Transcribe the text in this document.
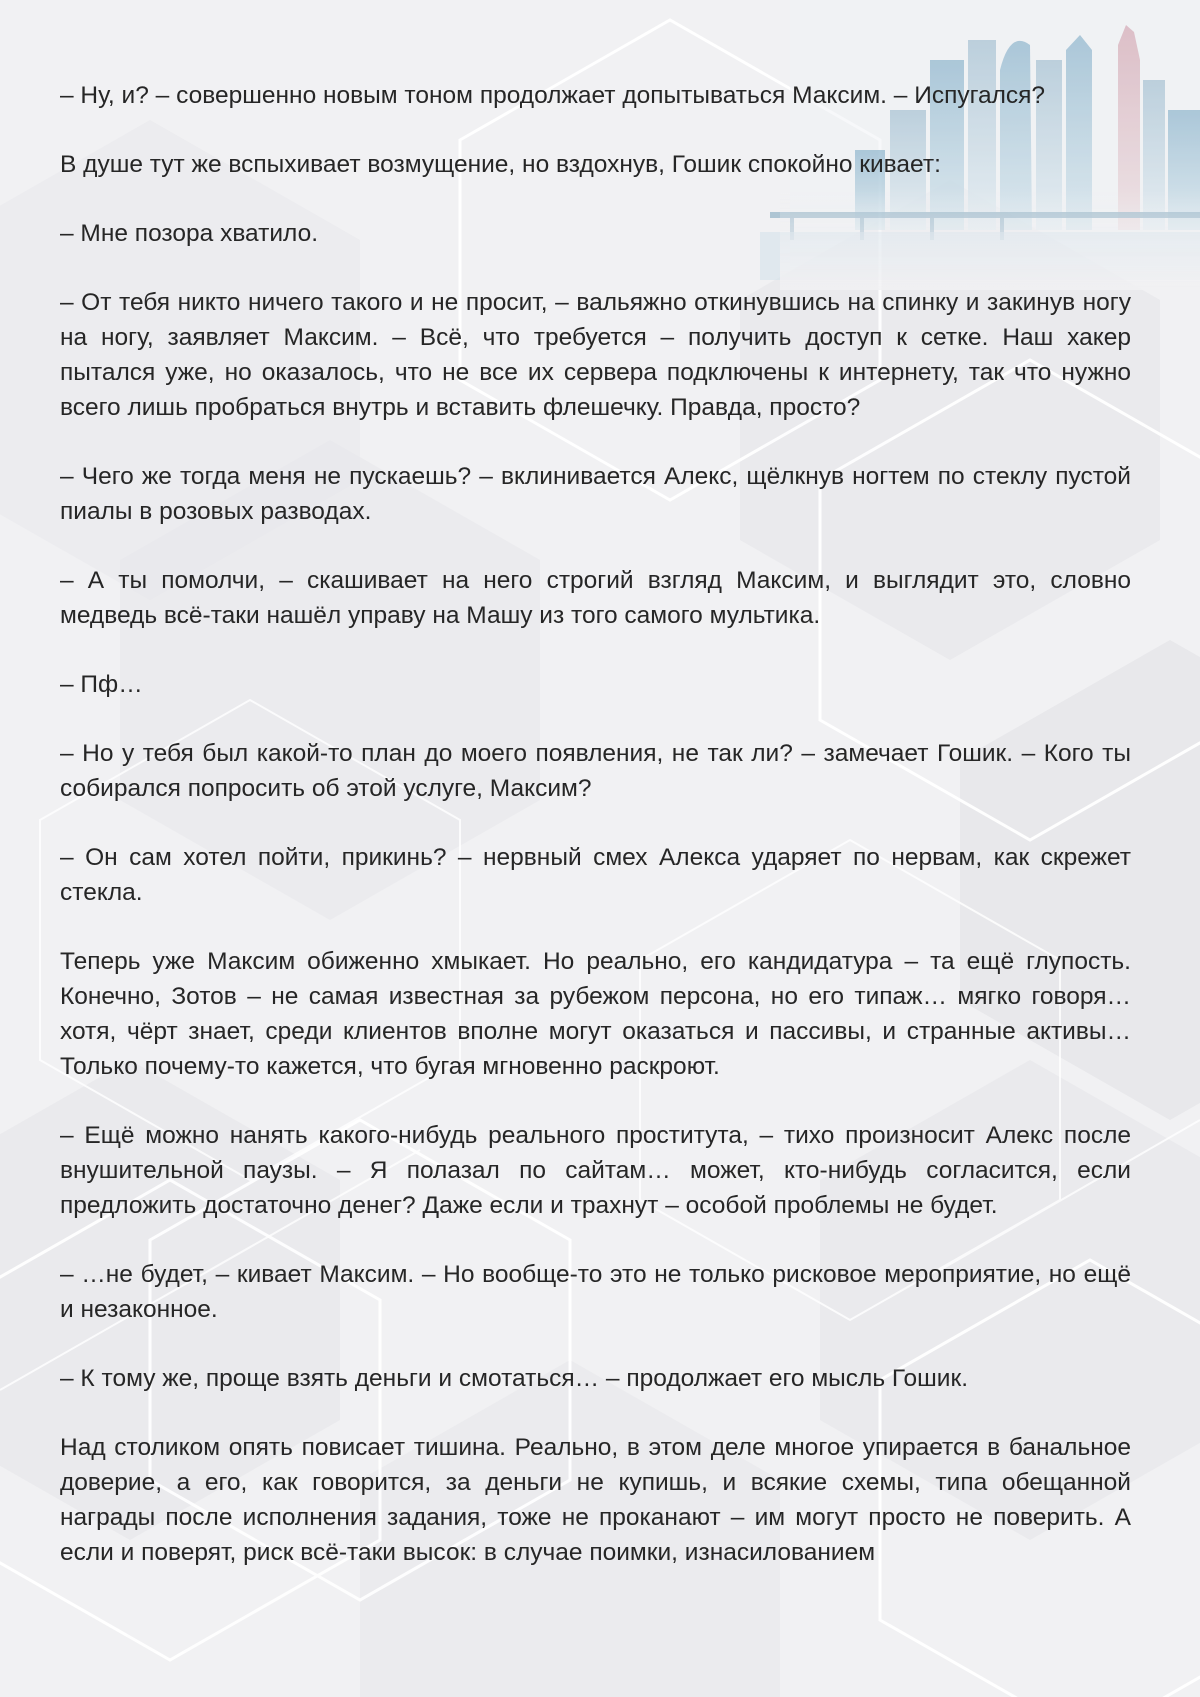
– Ну, и? – совершенно новым тоном продолжает допытываться Максим. – Испугался?

В душе тут же вспыхивает возмущение, но вздохнув, Гошик спокойно кивает:

– Мне позора хватило.

– От тебя никто ничего такого и не просит, – вальяжно откинувшись на спинку и закинув ногу на ногу, заявляет Максим. – Всё, что требуется – получить доступ к сетке. Наш хакер пытался уже, но оказалось, что не все их сервера подключены к интернету, так что нужно всего лишь пробраться внутрь и вставить флешечку. Правда, просто?

– Чего же тогда меня не пускаешь? – вклинивается Алекс, щёлкнув ногтем по стеклу пустой пиалы в розовых разводах.

– А ты помолчи, – скашивает на него строгий взгляд Максим, и выглядит это, словно медведь всё-таки нашёл управу на Машу из того самого мультика.

– Пф…

– Но у тебя был какой-то план до моего появления, не так ли? – замечает Гошик. – Кого ты собирался попросить об этой услуге, Максим?

– Он сам хотел пойти, прикинь? – нервный смех Алекса ударяет по нервам, как скрежет стекла.

Теперь уже Максим обиженно хмыкает. Но реально, его кандидатура – та ещё глупость. Конечно, Зотов – не самая известная за рубежом персона, но его типаж… мягко говоря… хотя, чёрт знает, среди клиентов вполне могут оказаться и пассивы, и странные активы… Только почему-то кажется, что бугая мгновенно раскроют.

– Ещё можно нанять какого-нибудь реального проститута, – тихо произносит Алекс после внушительной паузы. – Я полазал по сайтам… может, кто-нибудь согласится, если предложить достаточно денег? Даже если и трахнут – особой проблемы не будет.

– …не будет, – кивает Максим. – Но вообще-то это не только рисковое мероприятие, но ещё и незаконное.

– К тому же, проще взять деньги и смотаться… – продолжает его мысль Гошик.

Над столиком опять повисает тишина. Реально, в этом деле многое упирается в банальное доверие, а его, как говорится, за деньги не купишь, и всякие схемы, типа обещанной награды после исполнения задания, тоже не проканают – им могут просто не поверить. А если и поверят, риск всё-таки высок: в случае поимки, изнасилованием
